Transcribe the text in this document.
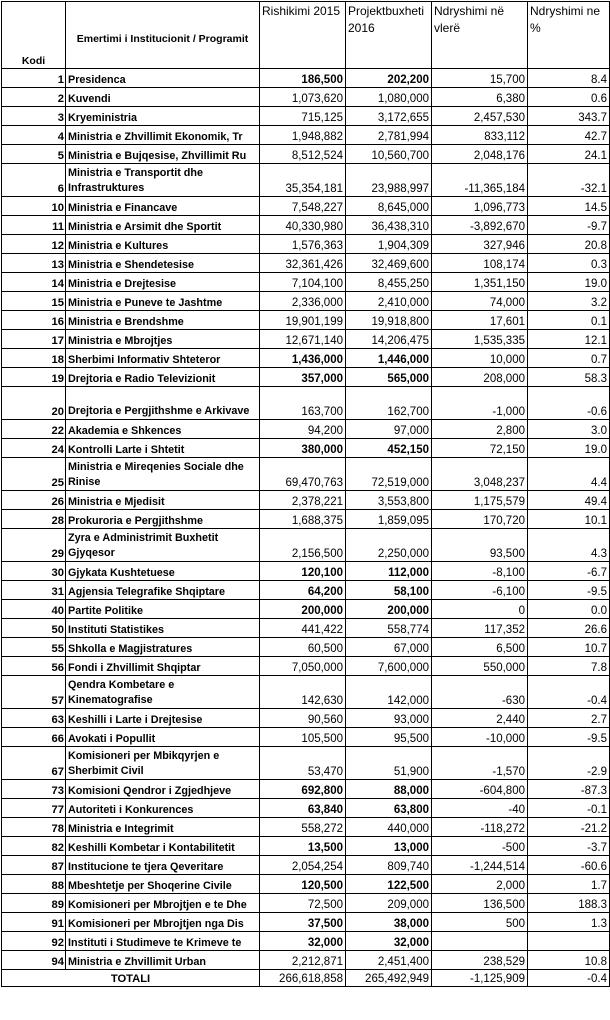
Kodi	Emertimi i Institucionit / Programit	Rishikimi 2015	Projektbuxheti 2016	Ndryshimi në vlerë	Ndryshimi ne %
1	Presidenca	186,500	202,200	15,700	8.4
2	Kuvendi	1,073,620	1,080,000	6,380	0.6
3	Kryeministria	715,125	3,172,655	2,457,530	343.7
4	Ministria e Zhvillimit Ekonomik, Tr	1,948,882	2,781,994	833,112	42.7
5	Ministria e Bujqesise, Zhvillimit Ru	8,512,524	10,560,700	2,048,176	24.1
6	Ministria e Transportit dhe Infrastruktures	35,354,181	23,988,997	-11,365,184	-32.1
10	Ministria e Financave	7,548,227	8,645,000	1,096,773	14.5
11	Ministria e Arsimit dhe Sportit	40,330,980	36,438,310	-3,892,670	-9.7
12	Ministria e Kultures	1,576,363	1,904,309	327,946	20.8
13	Ministria e Shendetesise	32,361,426	32,469,600	108,174	0.3
14	Ministria e Drejtesise	7,104,100	8,455,250	1,351,150	19.0
15	Ministria e Puneve te Jashtme	2,336,000	2,410,000	74,000	3.2
16	Ministria e Brendshme	19,901,199	19,918,800	17,601	0.1
17	Ministria e Mbrojtjes	12,671,140	14,206,475	1,535,335	12.1
18	Sherbimi Informativ Shteteror	1,436,000	1,446,000	10,000	0.7
19	Drejtoria e Radio Televizionit	357,000	565,000	208,000	58.3
20	Drejtoria e Pergjithshme e Arkivave	163,700	162,700	-1,000	-0.6
22	Akademia e Shkences	94,200	97,000	2,800	3.0
24	Kontrolli Larte i Shtetit	380,000	452,150	72,150	19.0
25	Ministria e Mireqenies Sociale dhe Rinise	69,470,763	72,519,000	3,048,237	4.4
26	Ministria e Mjedisit	2,378,221	3,553,800	1,175,579	49.4
28	Prokuroria e Pergjithshme	1,688,375	1,859,095	170,720	10.1
29	Zyra e Administrimit Buxhetit Gjyqesor	2,156,500	2,250,000	93,500	4.3
30	Gjykata Kushtetuese	120,100	112,000	-8,100	-6.7
31	Agjensia Telegrafike Shqiptare	64,200	58,100	-6,100	-9.5
40	Partite Politike	200,000	200,000	0	0.0
50	Instituti Statistikes	441,422	558,774	117,352	26.6
55	Shkolla e Magjistratures	60,500	67,000	6,500	10.7
56	Fondi i Zhvillimit Shqiptar	7,050,000	7,600,000	550,000	7.8
57	Qendra Kombetare e Kinematografise	142,630	142,000	-630	-0.4
63	Keshilli i Larte i Drejtesise	90,560	93,000	2,440	2.7
66	Avokati i Popullit	105,500	95,500	-10,000	-9.5
67	Komisioneri per Mbikqyrjen e Sherbimit Civil	53,470	51,900	-1,570	-2.9
73	Komisioni Qendror i Zgjedhjeve	692,800	88,000	-604,800	-87.3
77	Autoriteti i Konkurences	63,840	63,800	-40	-0.1
78	Ministria e Integrimit	558,272	440,000	-118,272	-21.2
82	Keshilli Kombetar i Kontabilitetit	13,500	13,000	-500	-3.7
87	Institucione te tjera Qeveritare	2,054,254	809,740	-1,244,514	-60.6
88	Mbeshtetje per Shoqerine Civile	120,500	122,500	2,000	1.7
89	Komisioneri per Mbrojtjen e te Dhe	72,500	209,000	136,500	188.3
91	Komisioneri per Mbrojtjen nga Dis	37,500	38,000	500	1.3
92	Instituti i Studimeve te Krimeve te	32,000	32,000		
94	Ministria e Zhvillimit Urban	2,212,871	2,451,400	238,529	10.8
TOTALI		266,618,858	265,492,949	-1,125,909	-0.4
